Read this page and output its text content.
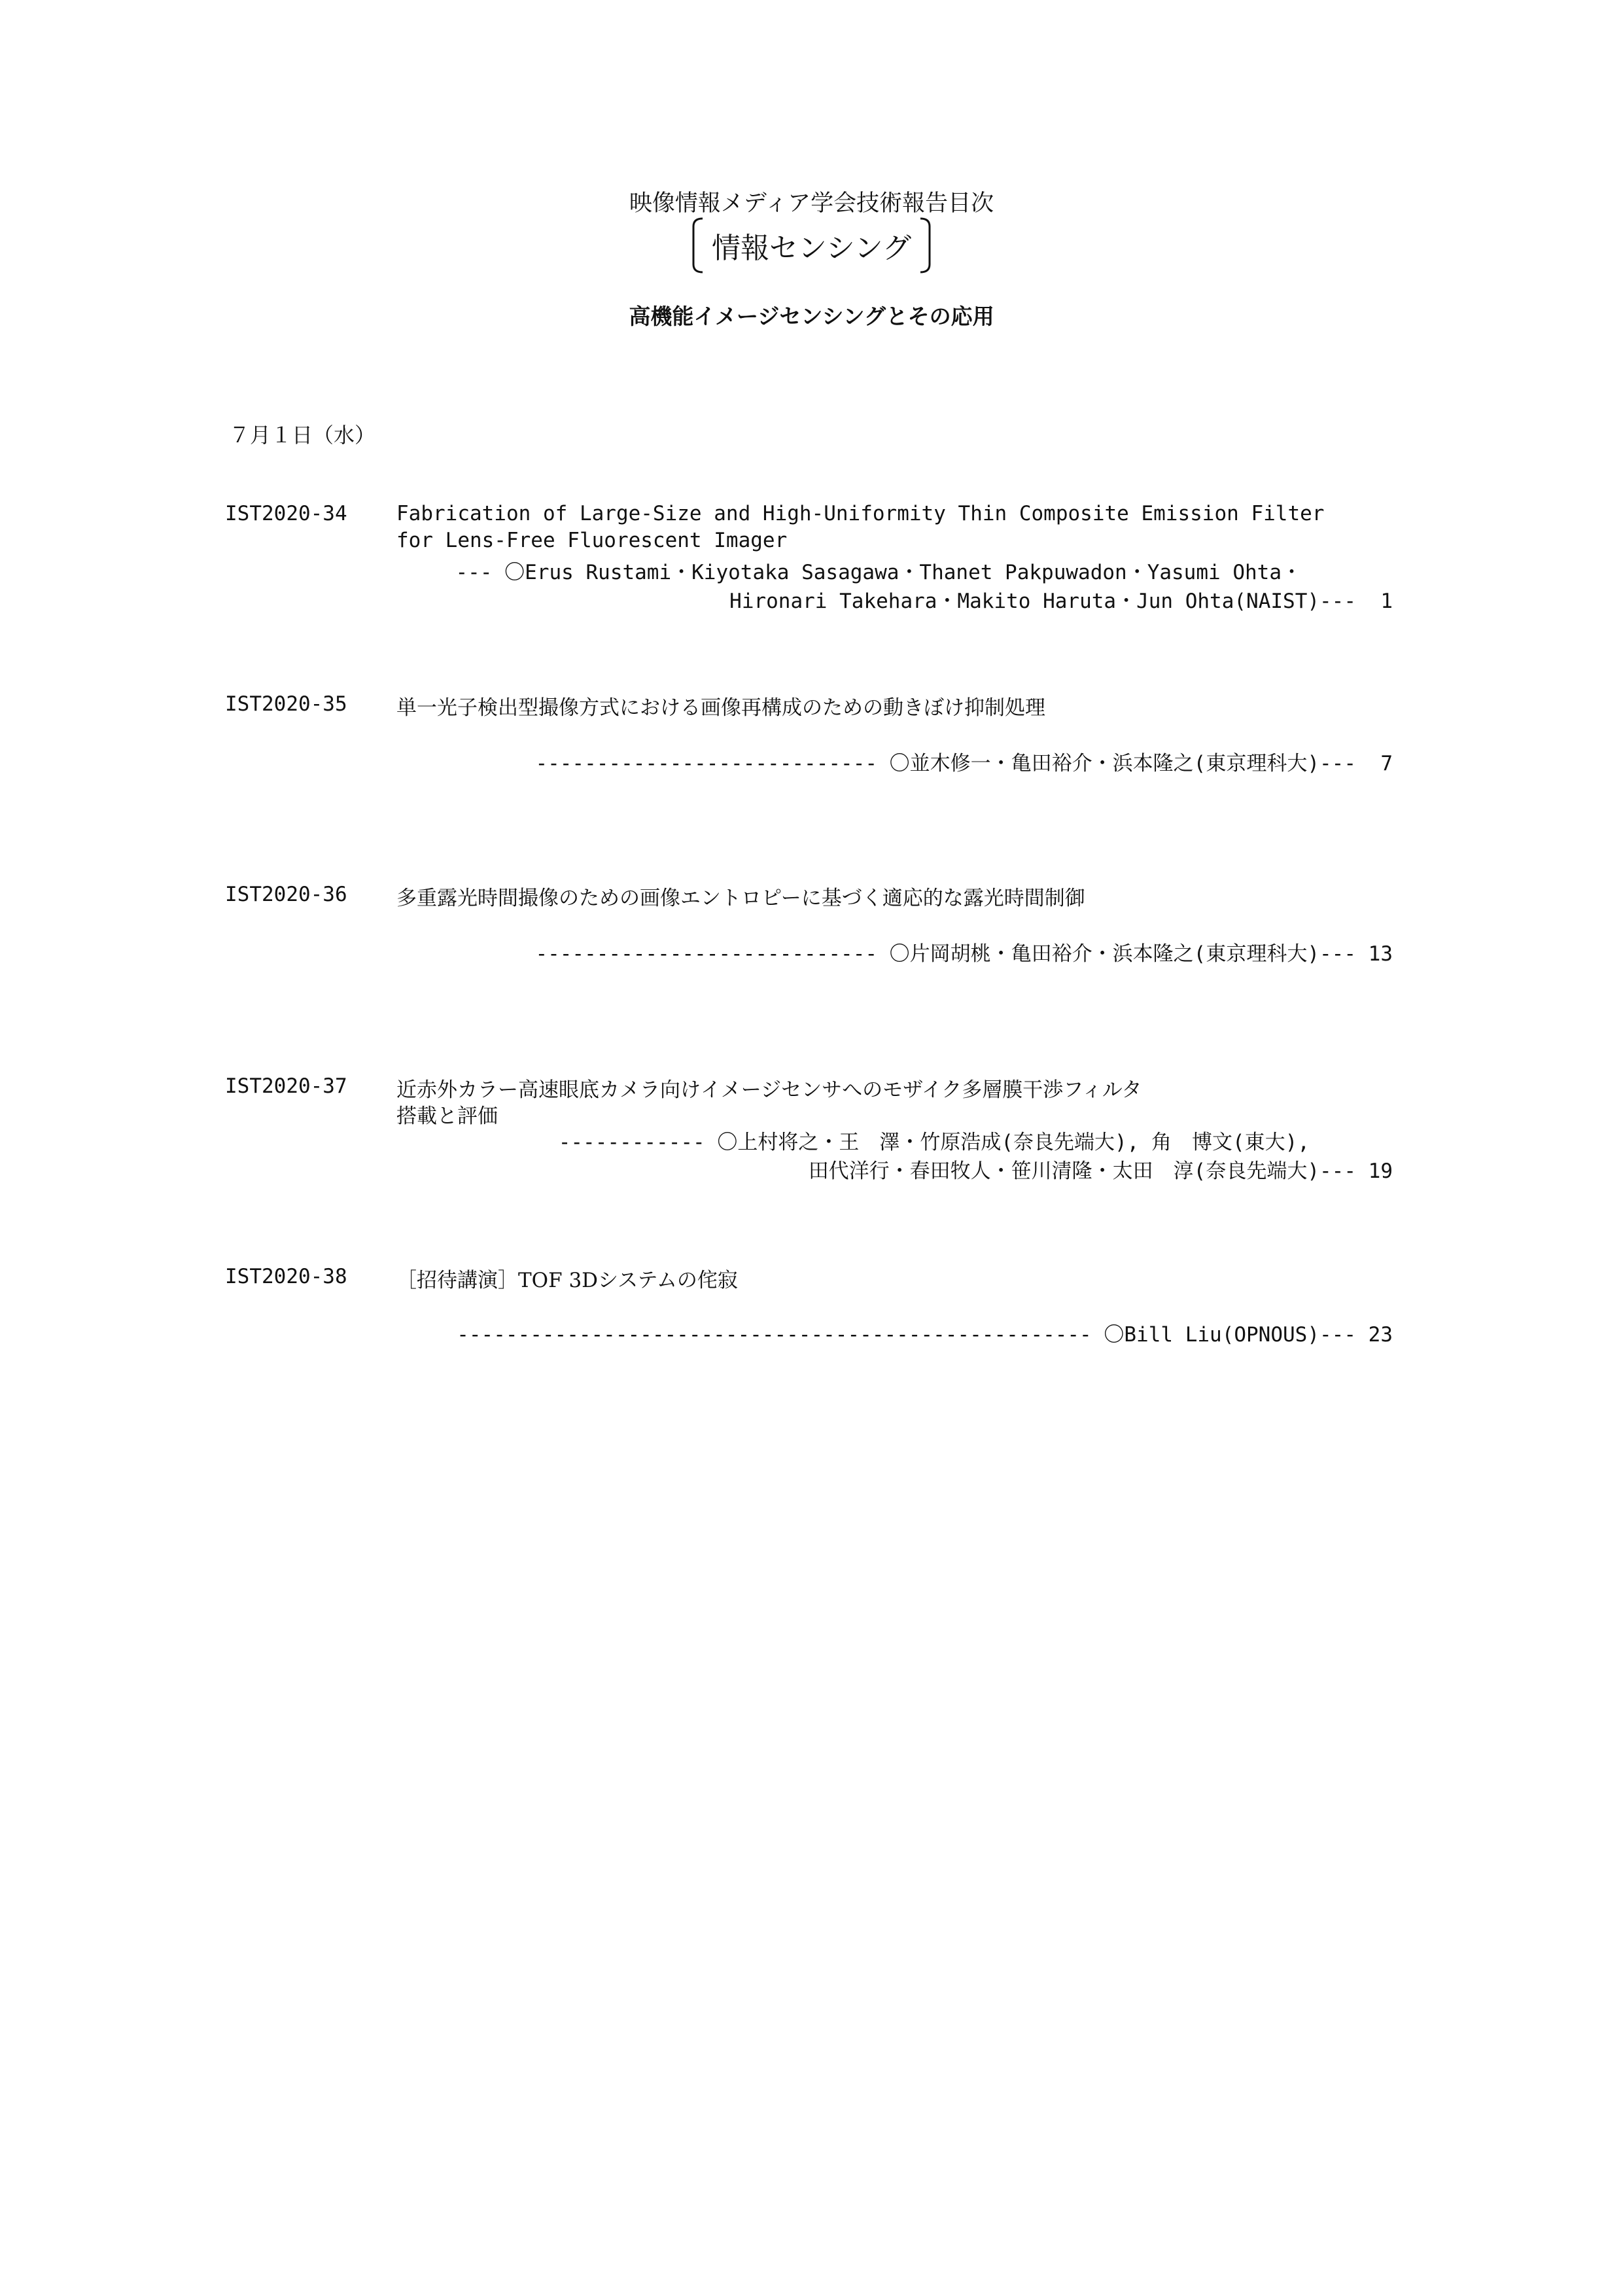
映像情報メディア学会技術報告目次
情報センシング
高機能イメージセンシングとその応用
７月１日（水）
IST2020-34 Fabrication of Large-Size and High-Uniformity Thin Composite Emission Filter
for Lens-Free Fluorescent Imager
--- 〇Erus Rustami・Kiyotaka Sasagawa・Thanet Pakpuwadon・Yasumi Ohta・
Hironari Takehara・Makito Haruta・Jun Ohta(NAIST)---  1
IST2020-35 単一光子検出型撮像方式における画像再構成のための動きぼけ抑制処理
---------------------------- 〇並木修一・亀田裕介・浜本隆之(東京理科大)---  7
IST2020-36 多重露光時間撮像のための画像エントロピーに基づく適応的な露光時間制御
---------------------------- 〇片岡胡桃・亀田裕介・浜本隆之(東京理科大)--- 13
IST2020-37 近赤外カラー高速眼底カメラ向けイメージセンサへのモザイク多層膜干渉フィルタ
搭載と評価
------------ 〇上村将之・王　澤・竹原浩成(奈良先端大), 角　博文(東大),
田代洋行・春田牧人・笹川清隆・太田　淳(奈良先端大)--- 19
IST2020-38 ［招待講演］TOF 3Dシステムの侘寂
---------------------------------------------------- 〇Bill Liu(OPNOUS)--- 23
